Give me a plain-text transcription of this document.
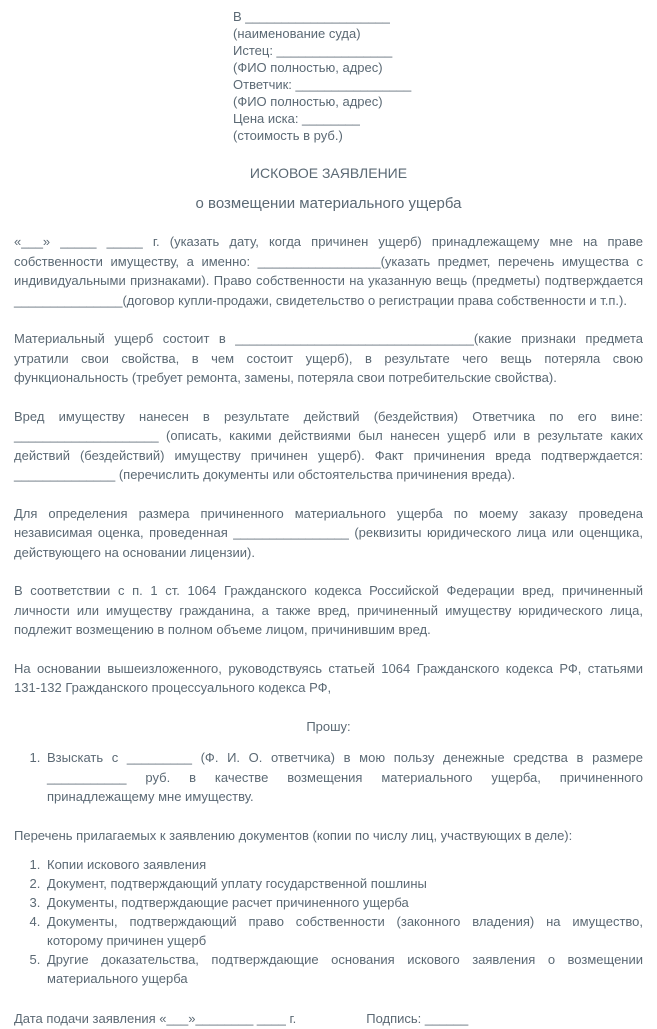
В ____________________
(наименование суда)
Истец: ________________
(ФИО полностью, адрес)
Ответчик: ________________
(ФИО полностью, адрес)
Цена иска: ________
(стоимость в руб.)
ИСКОВОЕ ЗАЯВЛЕНИЕ
о возмещении материального ущерба

«___» _____ _____ г. (указать дату, когда причинен ущерб) принадлежащему мне на праве собственности имуществу, а именно: _________________(указать предмет, перечень имущества с индивидуальными признаками). Право собственности на указанную вещь (предметы) подтверждается _______________(договор купли-продажи, свидетельство о регистрации права собственности и т.п.).

Материальный ущерб состоит в _________________________________(какие признаки предмета утратили свои свойства, в чем состоит ущерб), в результате чего вещь потеряла свою функциональность (требует ремонта, замены, потеряла свои потребительские свойства).

Вред имуществу нанесен в результате действий (бездействия) Ответчика по его вине: ____________________ (описать, какими действиями был нанесен ущерб или в результате каких действий (бездействий) имуществу причинен ущерб). Факт причинения вреда подтверждается: ______________ (перечислить документы или обстоятельства причинения вреда).

Для определения размера причиненного материального ущерба по моему заказу проведена независимая оценка, проведенная ________________ (реквизиты юридического лица или оценщика, действующего на основании лицензии).

В соответствии с п. 1 ст. 1064 Гражданского кодекса Российской Федерации вред, причиненный личности или имуществу гражданина, а также вред, причиненный имуществу юридического лица, подлежит возмещению в полном объеме лицом, причинившим вред.

На основании вышеизложенного, руководствуясь статьей 1064 Гражданского кодекса РФ, статьями 131-132 Гражданского процессуального кодекса РФ,

Прошу:
1. Взыскать с _________ (Ф. И. О. ответчика) в мою пользу денежные средства в размере ___________ руб. в качестве возмещения материального ущерба, причиненного принадлежащему мне имуществу.

Перечень прилагаемых к заявлению документов (копии по числу лиц, участвующих в деле):

1. Копии искового заявления
2. Документ, подтверждающий уплату государственной пошлины
3. Документы, подтверждающие расчет причиненного ущерба
4. Документы, подтверждающий право собственности (законного владения) на имущество, которому причинен ущерб
5. Другие доказательства, подтверждающие основания искового заявления о возмещении материального ущерба
Дата подачи заявления «___»________ ____ г.	Подпись: ______
